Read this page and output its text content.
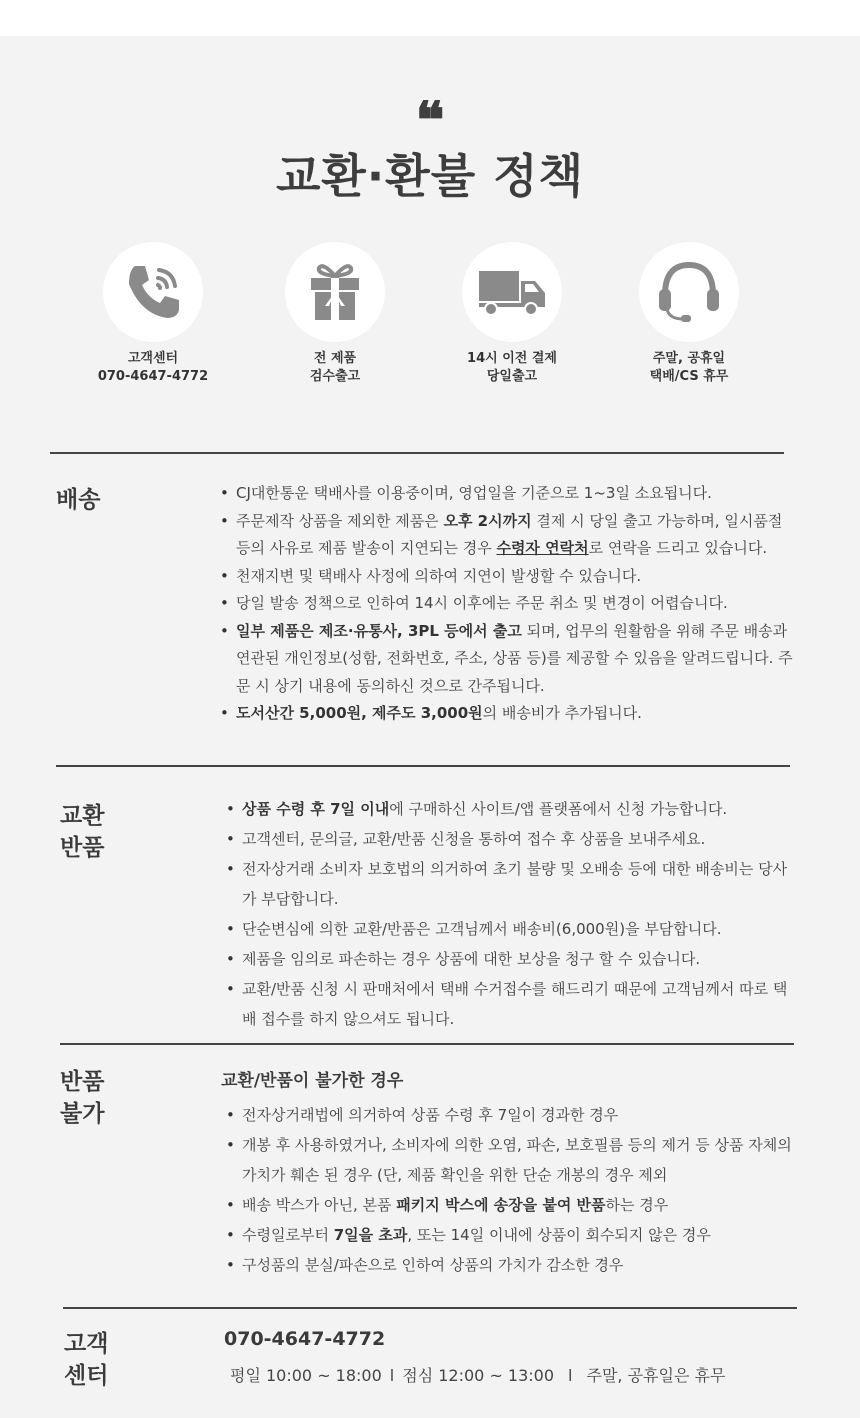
❝
교환·환불 정책
고객센터
070-4647-4772
전 제품
검수출고
14시 이전 결제
당일출고
주말, 공휴일
택배/CS 휴무
배송
•	CJ대한통운 택배사를 이용중이며, 영업일을 기준으로 1~3일 소요됩니다.
• 주문제작 상품을 제외한 제품은 오후 2시까지 결제 시 당일 출고 가능하며, 일시품절 등의 사유로 제품 발송이 지연되는 경우 수령자 연락처로 연락을 드리고 있습니다.
• 천재지변 및 택배사 사정에 의하여 지연이 발생할 수 있습니다.
• 당일 발송 정책으로 인하여 14시 이후에는 주문 취소 및 변경이 어렵습니다.
• 일부 제품은 제조·유통사, 3PL 등에서 출고 되며, 업무의 원활함을 위해 주문 배송과 연관된 개인정보(성함, 전화번호, 주소, 상품 등)를 제공할 수 있음을 알려드립니다. 주문 시 상기 내용에 동의하신 것으로 간주됩니다.
• 도서산간 5,000원, 제주도 3,000원의 배송비가 추가됩니다.
교환
반품
• 상품 수령 후 7일 이내에 구매하신 사이트/앱 플랫폼에서 신청 가능합니다.
• 고객센터, 문의글, 교환/반품 신청을 통하여 접수 후 상품을 보내주세요.
• 전자상거래 소비자 보호법의 의거하여 초기 불량 및 오배송 등에 대한 배송비는 당사가 부담합니다.
• 단순변심에 의한 교환/반품은 고객님께서 배송비(6,000원)을 부담합니다.
• 제품을 임의로 파손하는 경우 상품에 대한 보상을 청구 할 수 있습니다.
• 교환/반품 신청 시 판매처에서 택배 수거접수를 해드리기 때문에 고객님께서 따로 택배 접수를 하지 않으셔도 됩니다.
반품
불가
교환/반품이 불가한 경우
• 전자상거래법에 의거하여 상품 수령 후 7일이 경과한 경우
• 개봉 후 사용하였거나, 소비자에 의한 오염, 파손, 보호필름 등의 제거 등 상품 자체의 가치가 훼손 된 경우 (단, 제품 확인을 위한 단순 개봉의 경우 제외
• 배송 박스가 아닌, 본품 패키지 박스에 송장을 붙여 반품하는 경우
• 수령일로부터 7일을 초과, 또는 14일 이내에 상품이 회수되지 않은 경우
• 구성품의 분실/파손으로 인하여 상품의 가치가 감소한 경우
고객
센터
070-4647-4772
평일 10:00 ~ 18:00 l 점심 12:00 ~ 13:00 l 주말, 공휴일은 휴무
